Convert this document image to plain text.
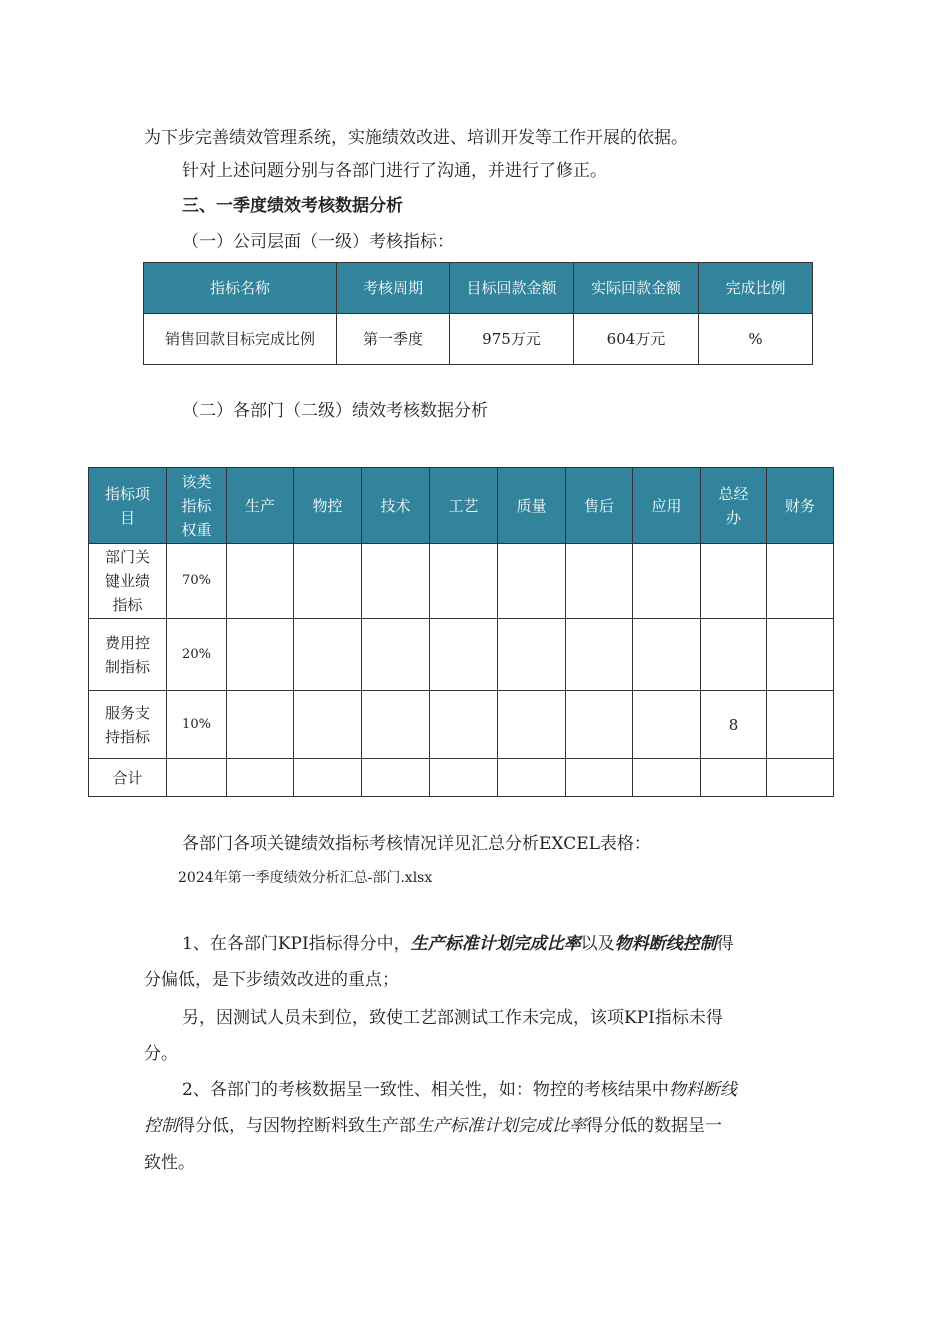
为下步完善绩效管理系统，实施绩效改进、培训开发等工作开展的依据。
针对上述问题分别与各部门进行了沟通，并进行了修正。
三、一季度绩效考核数据分析
（一）公司层面（一级）考核指标：
指标名称	考核周期	目标回款金额	实际回款金额	完成比例
销售回款目标完成比例	第一季度	975万元	604万元	%
（二）各部门（二级）绩效考核数据分析
指标项目	该类指标权重	生产	物控	技术	工艺	质量	售后	应用	总经办	财务
部门关键业绩指标	70%									
费用控制指标	20%									
服务支持指标	10%								8	
合计										
各部门各项关键绩效指标考核情况详见汇总分析EXCEL表格：
2024年第一季度绩效分析汇总-部门.xlsx
1、在各部门KPI指标得分中，生产标准计划完成比率以及物料断线控制得
分偏低，是下步绩效改进的重点；
另，因测试人员未到位，致使工艺部测试工作未完成，该项KPI指标未得
分。
2、各部门的考核数据呈一致性、相关性，如：物控的考核结果中物料断线
控制得分低，与因物控断料致生产部生产标准计划完成比率得分低的数据呈一
致性。
